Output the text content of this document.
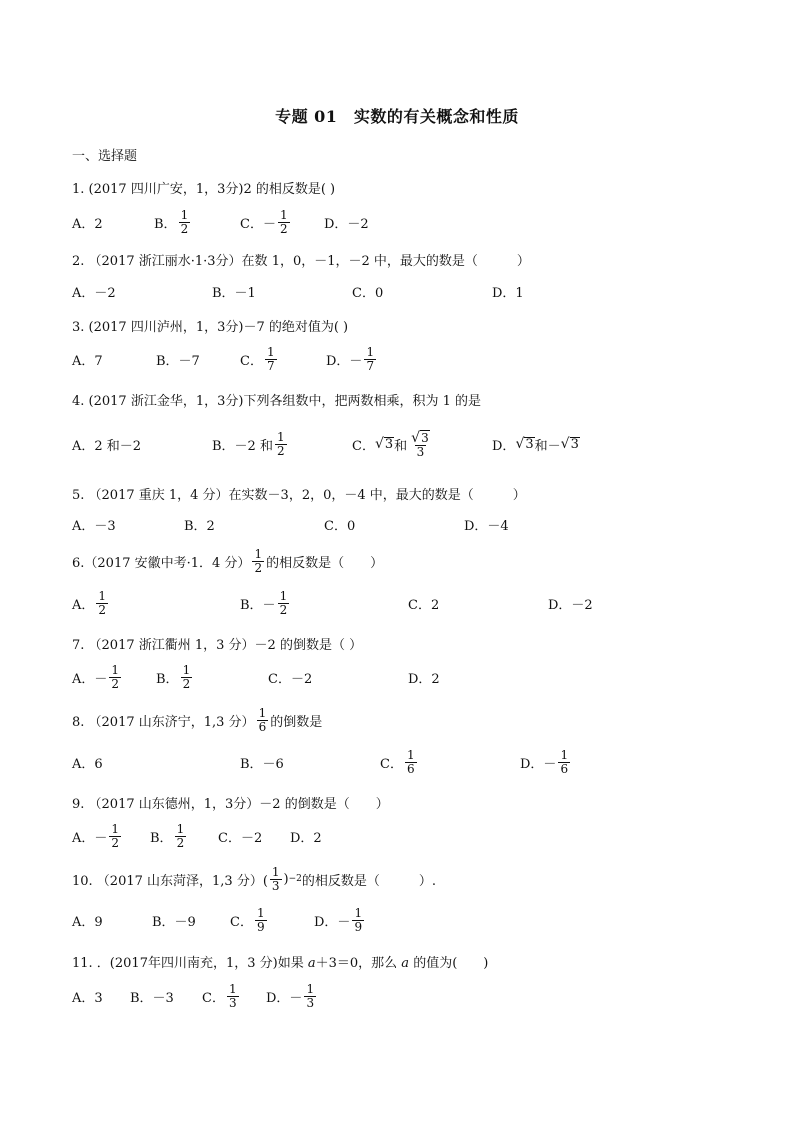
专题 01　实数的有关概念和性质
一、选择题
1. (2017 四川广安，1，3分)2 的相反数是( )
A．2	B． $\frac{1}{2}$	C．－ $\frac{1}{2}$	D．－2
2. （2017 浙江丽水·1·3分）在数 1，0，－1，－2 中，最大的数是（　　　）
A．－2	B．－1	C．0	D．1
3. (2017 四川泸州，1，3分)－7 的绝对值为( )
A．7	B．－7	C． $\frac{1}{7}$	D．－ $\frac{1}{7}$
4. (2017 浙江金华，1，3分)下列各组数中，把两数相乘，积为 1 的是
A．2 和－2	B．－2 和 $\frac{1}{2}$	C． √ 3 和 $\frac{√ 3}{3}$	D． √ 3 和－ √ 3
5. （2017 重庆 1，4 分）在实数－3，2，0，－4 中，最大的数是（　　　）
A．－3	B．2	C．0	D．－4
6.（2017 安徽中考·1．4 分） $\frac{1}{2}$ 的相反数是（　　）
A． $\frac{1}{2}$	B．－ $\frac{1}{2}$	C．2	D．－2
7. （2017 浙江衢州 1，3 分）－2 的倒数是（ ）
A．－ $\frac{1}{2}$	B． $\frac{1}{2}$	C．－2	D．2
8. （2017 山东济宁，1,3 分） $\frac{1}{6}$ 的倒数是
A．6	B．－6	C． $\frac{1}{6}$	D．－ $\frac{1}{6}$
9. （2017 山东德州，1，3分）－2 的倒数是（　　）
A．－ $\frac{1}{2}$ B． $\frac{1}{2}$ C．－2 D．2
10. （2017 山东菏泽，1,3 分）( $\frac{1}{3}$ ) −2 的相反数是（　　　）.
A．9	B．－9	C． $\frac{1}{9}$	D．－ $\frac{1}{9}$
11. ．(2017年四川南充，1，3 分)如果 a＋3＝0，那么 a 的值为(　　)
A．3 B．－3 C． $\frac{1}{3}$ D．－ $\frac{1}{3}$
